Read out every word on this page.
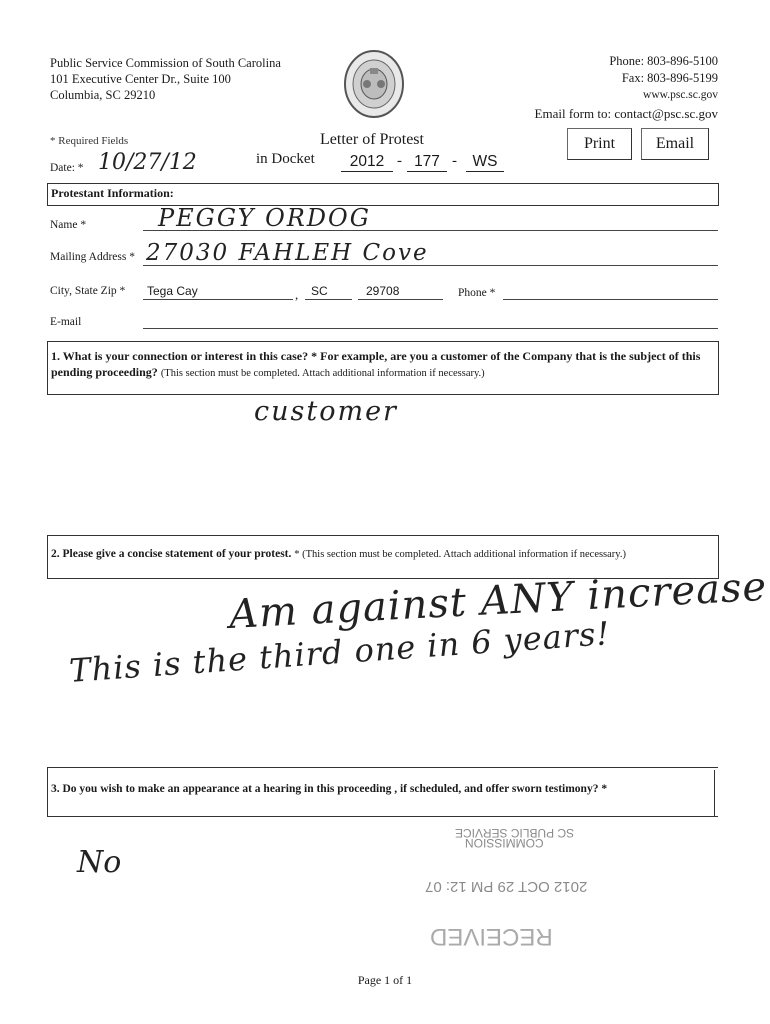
Public Service Commission of South Carolina
101 Executive Center Dr., Suite 100
Columbia, SC 29210
Phone: 803-896-5100
Fax: 803-896-5199
www.psc.sc.gov
Email form to: contact@psc.sc.gov
* Required Fields
Date: * 10/27/12
Letter of Protest
in Docket	2012 - 177 -	WS
Print	Email
Protestant Information:
Name *	PEGGY ORDOG
Mailing Address * 27030 FAHLEH Cove
City, State Zip * Tega Cay	, SC	29708	Phone *
E-mail
1. What is your connection or interest in this case? * For example, are you a customer of the Company that is the subject of this pending proceeding? (This section must be completed. Attach additional information if necessary.)
customer
2. Please give a concise statement of your protest. * (This section must be completed. Attach additional information if necessary.)
Am against ANY increase
This is the third one in 6 years!
3. Do you wish to make an appearance at a hearing in this proceeding , if scheduled, and offer sworn testimony? *
No
SC PUBLIC SERVICE
COMMISSION
2012 OCT 29 PM 12: 07
RECEIVED
Page 1 of 1
